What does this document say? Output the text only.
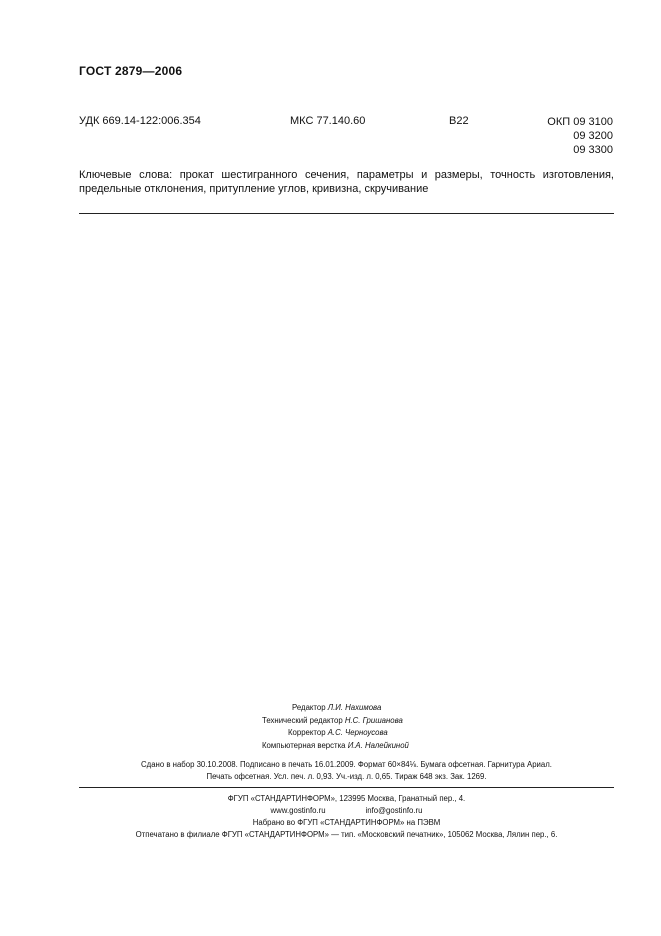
ГОСТ 2879—2006
УДК 669.14-122:006.354	МКС 77.140.60	В22	ОКП 09 3100
09 3200
09 3300
Ключевые слова: прокат шестигранного сечения, параметры и размеры, точность изготовления, предельные отклонения, притупление углов, кривизна, скручивание
Редактор Л.И. Нахимова
Технический редактор Н.С. Гришанова
Корректор А.С. Черноусова
Компьютерная верстка И.А. Налейкиной
Сдано в набор 30.10.2008. Подписано в печать 16.01.2009. Формат 60×84⅛. Бумага офсетная. Гарнитура Ариал.
Печать офсетная. Усл. печ. л. 0,93. Уч.-изд. л. 0,65. Тираж 648 экз. Зак. 1269.
ФГУП «СТАНДАРТИНФОРМ», 123995 Москва, Гранатный пер., 4.
www.gostinfo.ru	info@gostinfo.ru
Набрано во ФГУП «СТАНДАРТИНФОРМ» на ПЭВМ
Отпечатано в филиале ФГУП «СТАНДАРТИНФОРМ» — тип. «Московский печатник», 105062 Москва, Лялин пер., 6.
